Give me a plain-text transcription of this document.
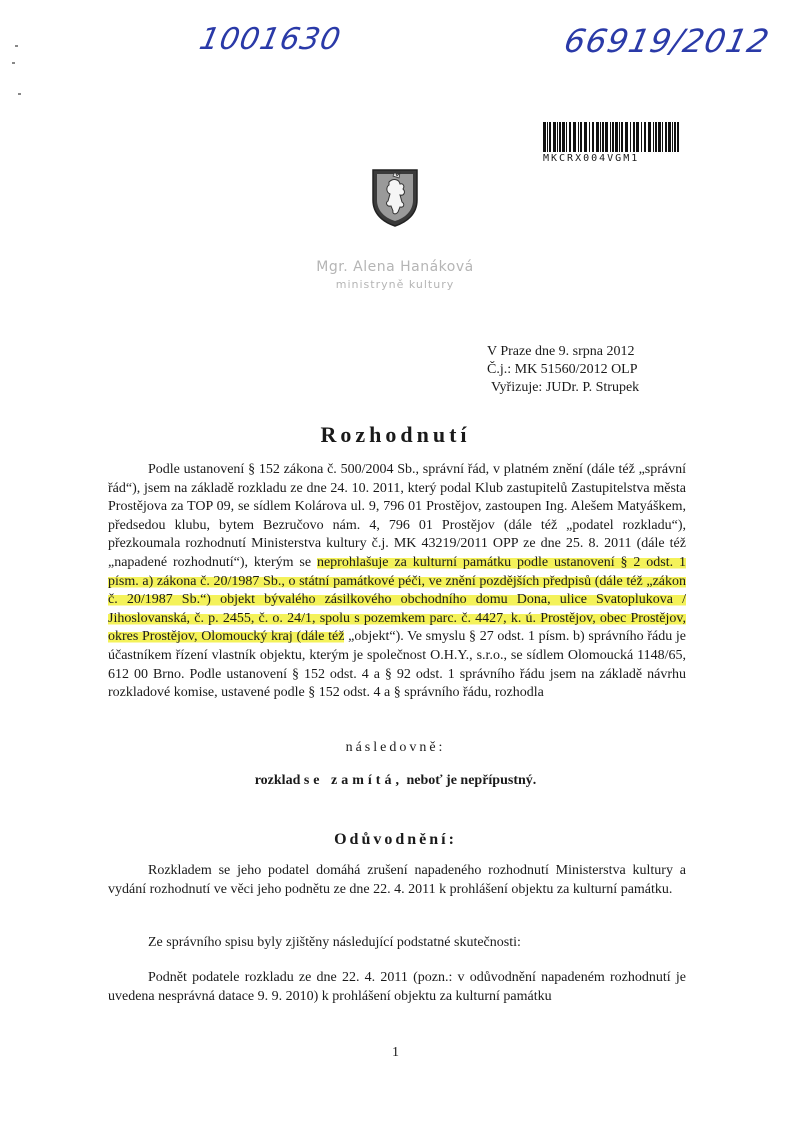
1001630	66919/2012
MKCRX004VGM1
Mgr. Alena Hanáková
ministryně kultury
V Praze dne 9. srpna 2012
Č.j.: MK 51560/2012 OLP
Vyřizuje: JUDr. P. Strupek
Rozhodnutí

Podle ustanovení § 152 zákona č. 500/2004 Sb., správní řád, v platném znění (dále též „správní řád“), jsem na základě rozkladu ze dne 24. 10. 2011, který podal Klub zastupitelů Zastupitelstva města Prostějova za TOP 09, se sídlem Kolárova ul. 9, 796 01 Prostějov, zastoupen Ing. Alešem Matyáškem, předsedou klubu, bytem Bezručovo nám. 4, 796 01 Prostějov (dále též „podatel rozkladu“), přezkoumala rozhodnutí Ministerstva kultury č.j. MK 43219/2011 OPP ze dne 25. 8. 2011 (dále též „napadené rozhodnutí“), kterým se neprohlašuje za kulturní památku podle ustanovení § 2 odst. 1 písm. a) zákona č. 20/1987 Sb., o státní památkové péči, ve znění pozdějších předpisů (dále též „zákon č. 20/1987 Sb.“) objekt bývalého zásilkového obchodního domu Dona, ulice Svatoplukova / Jihoslovanská, č. p. 2455, č. o. 24/1, spolu s pozemkem parc. č. 4427, k. ú. Prostějov, obec Prostějov, okres Prostějov, Olomoucký kraj (dále též „objekt“). Ve smyslu § 27 odst. 1 písm. b) správního řádu je účastníkem řízení vlastník objektu, kterým je společnost O.H.Y., s.r.o., se sídlem Olomoucká 1148/65, 612 00 Brno. Podle ustanovení § 152 odst. 4 a § 92 odst. 1 správního řádu jsem na základě návrhu rozkladové komise, ustavené podle § 152 odst. 4 a § správního řádu, rozhodla

následovně:
rozklad se zamítá, neboť je nepřípustný.
Odůvodnění:

Rozkladem se jeho podatel domáhá zrušení napadeného rozhodnutí Ministerstva kultury a vydání rozhodnutí ve věci jeho podnětu ze dne 22. 4. 2011 k prohlášení objektu za kulturní památku.

Ze správního spisu byly zjištěny následující podstatné skutečnosti:

Podnět podatele rozkladu ze dne 22. 4. 2011 (pozn.: v odůvodnění napadeném rozhodnutí je uvedena nesprávná datace 9. 9. 2010) k prohlášení objektu za kulturní památku

1
